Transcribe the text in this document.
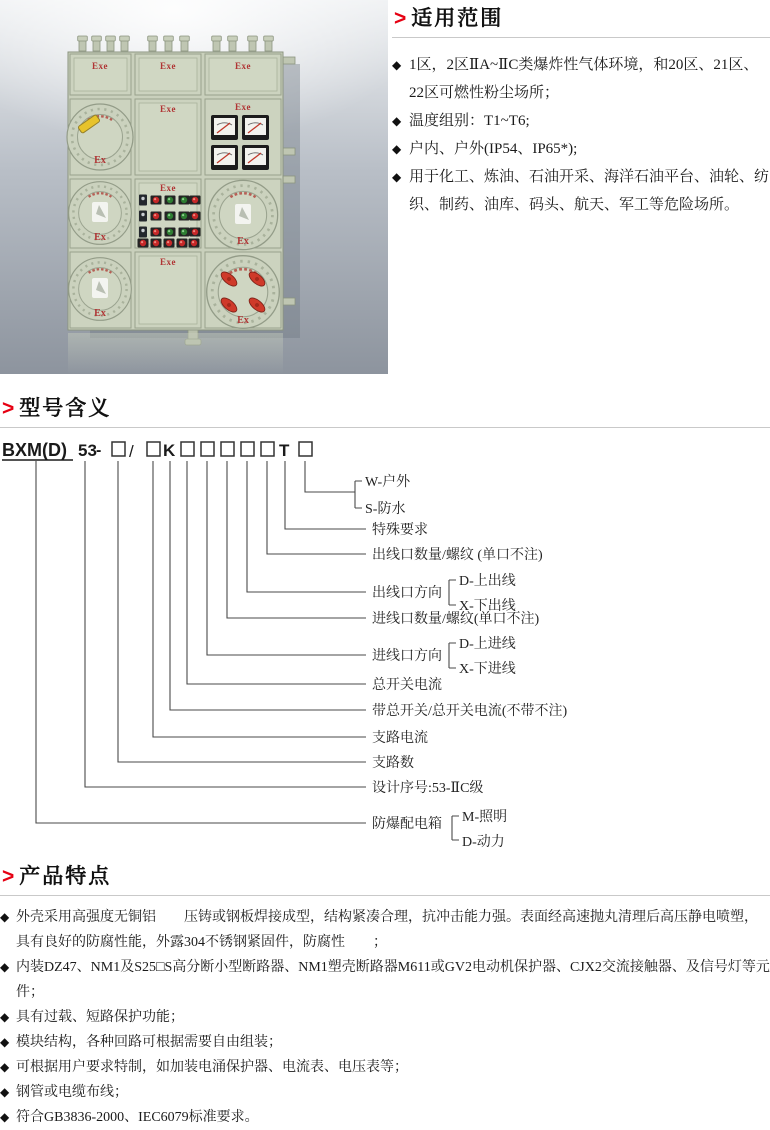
Exe	Exe	Exe
Ex
Exe	Exe
Ex
Exe
Ex
Ex
Exe
Ex
> 适用范围
◆ 1区，2区ⅡA~ⅡC类爆炸性气体环境，和20区、21区、22区可燃性粉尘场所；
◆ 温度组别：T1~T6;
◆ 户内、户外(IP54、IP65*);
◆ 用于化工、炼油、石油开采、海洋石油平台、油轮、纺织、制药、油库、码头、航天、军工等危险场所。
> 型号含义
BXM(D) 53 - / K	T
W-户外
S-防水
特殊要求
出线口数量/螺纹 (单口不注)
出线口方向
D-上出线
X-下出线
进线口数量/螺纹(单口不注)
进线口方向
D-上进线
X-下进线
总开关电流
带总开关/总开关电流(不带不注)
支路电流
支路数
设计序号:53-ⅡC级
防爆配电箱 M-照明
D-动力
> 产品特点
◆ 外壳采用高强度无铜铝　　压铸或钢板焊接成型，结构紧凑合理，抗冲击能力强。表面经高速抛丸清理后高压静电喷塑，具有良好的防腐性能，外露304不锈钢紧固件，防腐性　　；
◆ 内装DZ47、NM1及S25□S高分断小型断路器、NM1塑壳断路器M611或GV2电动机保护器、CJX2交流接触器、及信号灯等元件；
◆ 具有过载、短路保护功能；
◆ 模块结构，各种回路可根据需要自由组装；
◆ 可根据用户要求特制，如加装电涌保护器、电流表、电压表等；
◆ 钢管或电缆布线；
◆ 符合GB3836-2000、IEC6079标准要求。
